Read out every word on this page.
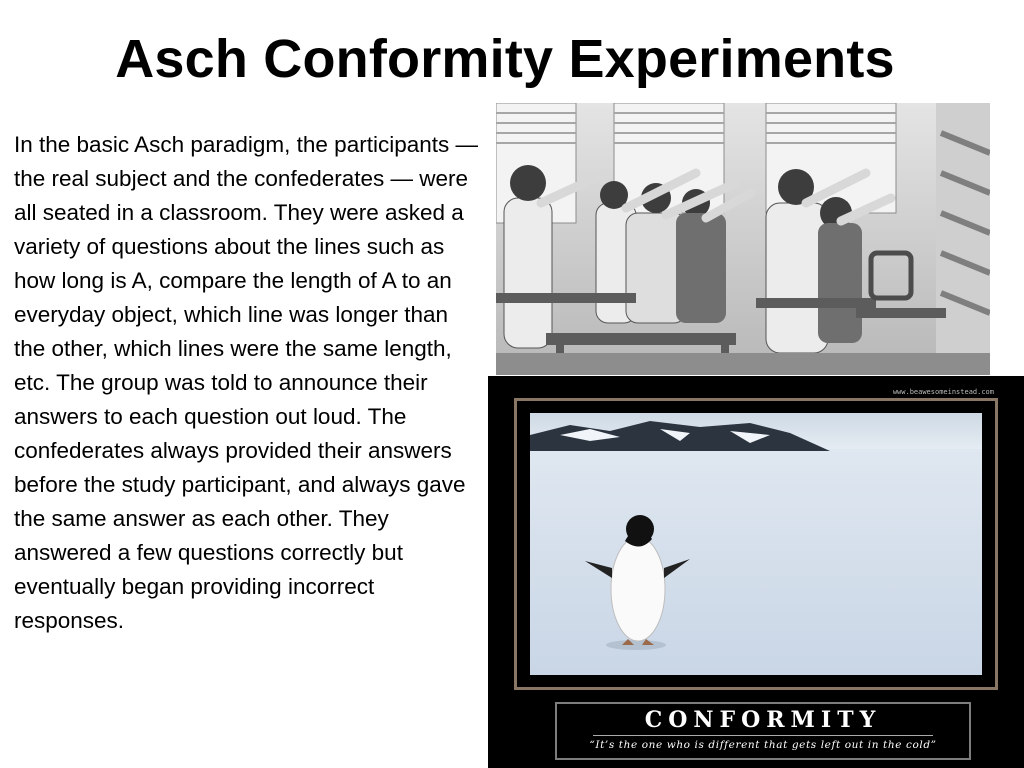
Asch Conformity Experiments
In the basic Asch paradigm, the participants — the real subject and the confederates — were all seated in a classroom. They were asked a variety of questions about the lines such as how long is A, compare the length of A to an everyday object, which line was longer than the other, which lines were the same length, etc. The group was told to announce their answers to each question out loud. The confederates always provided their answers before the study participant, and always gave the same answer as each other. They answered a few questions correctly but eventually began providing incorrect responses.
www.beawesomeinstead.com
CONFORMITY
“It’s the one who is different that gets left out in the cold”
